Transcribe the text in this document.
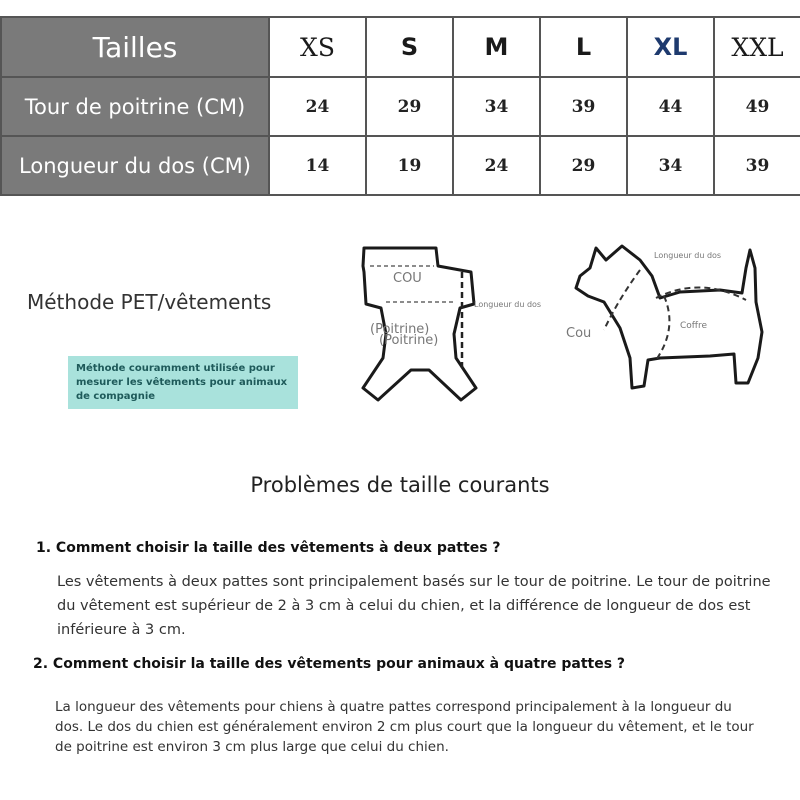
Tailles	XS	S	M	L	XL	XXL
Tour de poitrine (CM)	24	29	34	39	44	49
Longueur du dos (CM)	14	19	24	29	34	39
Méthode PET/vêtements
Méthode couramment utilisée pour mesurer les vêtements pour animaux de compagnie
COU
(Poitrine)
(Poitrine)
Longueur du dos
Longueur du dos
Cou	Coffre
Problèmes de taille courants
1. Comment choisir la taille des vêtements à deux pattes ?

Les vêtements à deux pattes sont principalement basés sur le tour de poitrine. Le tour de poitrine du vêtement est supérieur de 2 à 3 cm à celui du chien, et la différence de longueur de dos est inférieure à 3 cm.

2. Comment choisir la taille des vêtements pour animaux à quatre pattes ?

La longueur des vêtements pour chiens à quatre pattes correspond principalement à la longueur du dos. Le dos du chien est généralement environ 2 cm plus court que la longueur du vêtement, et le tour de poitrine est environ 3 cm plus large que celui du chien.
